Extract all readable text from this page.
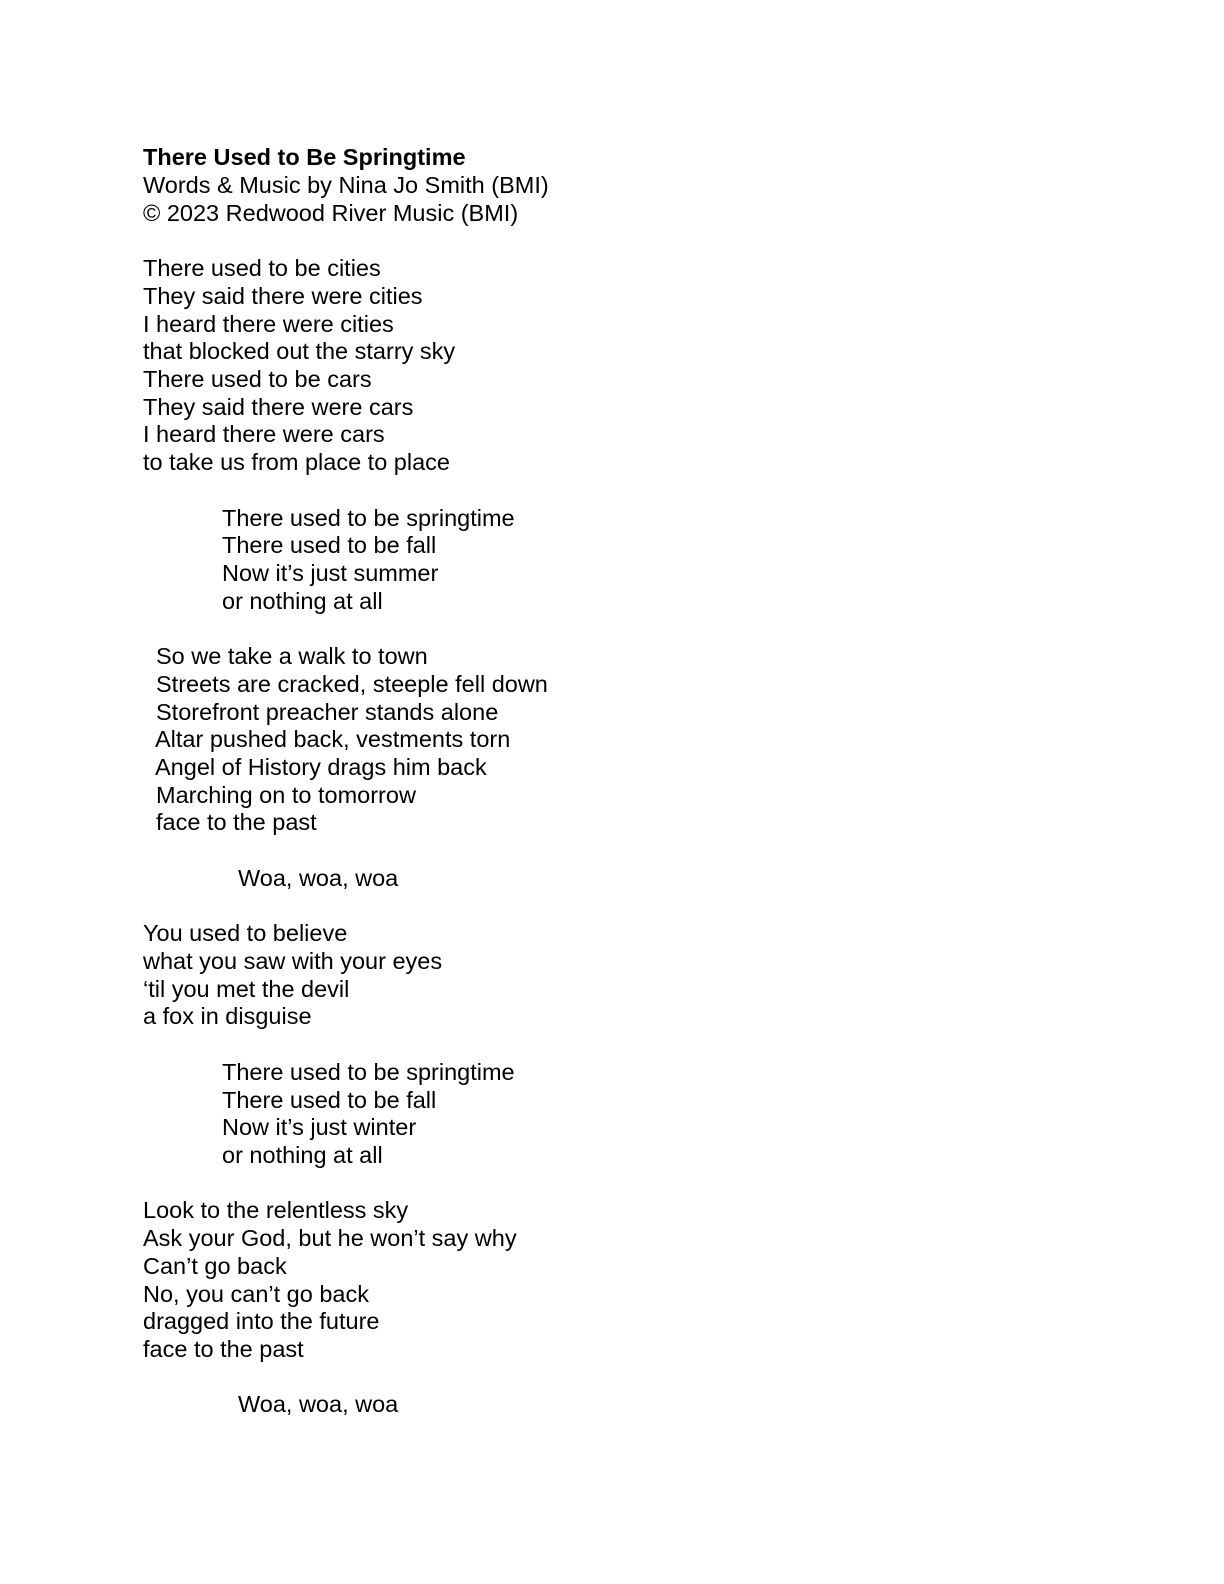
There Used to Be Springtime

Words & Music by Nina Jo Smith (BMI)

© 2023 Redwood River Music (BMI)

There used to be cities

They said there were cities

I heard there were cities

that blocked out the starry sky

There used to be cars

They said there were cars

I heard there were cars

to take us from place to place

There used to be springtime

There used to be fall

Now it’s just summer

or nothing at all

So we take a walk to town

Streets are cracked, steeple fell down

Storefront preacher stands alone

Altar pushed back, vestments torn

Angel of History drags him back

Marching on to tomorrow

face to the past

Woa, woa, woa

You used to believe

what you saw with your eyes

‘til you met the devil

a fox in disguise

There used to be springtime

There used to be fall

Now it’s just winter

or nothing at all

Look to the relentless sky

Ask your God, but he won’t say why

Can’t go back

No, you can’t go back

dragged into the future

face to the past

Woa, woa, woa
